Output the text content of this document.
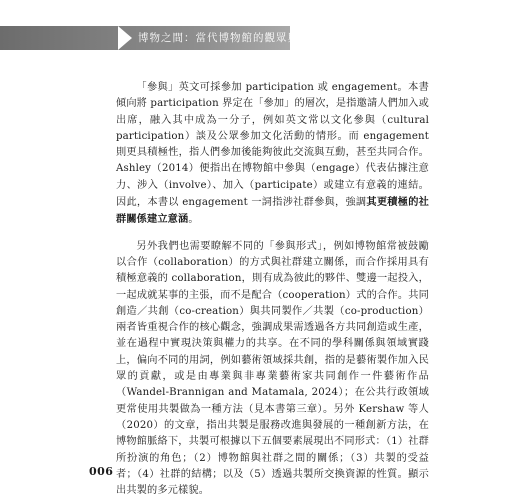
博物之間：當代博物館的觀眾與社群參與

「參與」英文可採參加 participation 或 engagement。本書傾向將 participation 界定在「參加」的層次，是指邀請人們加入或出席，融入其中成為一分子，例如英文常以文化參與（cultural participation）談及公眾參加文化活動的情形。而 engagement 則更具積極性，指人們參加後能夠彼此交流與互動，甚至共同合作。Ashley（2014）便指出在博物館中參與（engage）代表佔據注意力、涉入（involve）、加入（participate）或建立有意義的連結。因此，本書以 engagement 一詞指涉社群參與，強調其更積極的社群關係建立意涵。

另外我們也需要瞭解不同的「參與形式」，例如博物館常被鼓勵以合作（collaboration）的方式與社群建立關係，而合作採用具有積極意義的 collaboration，則有成為彼此的夥伴、雙邊一起投入，一起成就某事的主張，而不是配合（cooperation）式的合作。共同創造／共創（co-creation）與共同製作／共製（co-production）兩者皆重視合作的核心觀念，強調成果需透過各方共同創造或生產，並在過程中實現決策與權力的共享。在不同的學科關係與領域實踐上，偏向不同的用詞，例如藝術領域採共創，指的是藝術製作加入民眾的貢獻，或是由專業與非專業藝術家共同創作一件藝術作品（Wandel-Brannigan and Matamala, 2024）；在公共行政領域更常使用共製做為一種方法（見本書第三章）。另外 Kershaw 等人（2020）的文章，指出共製是服務改進與發展的一種創新方法，在博物館脈絡下，共製可根據以下五個要素展現出不同形式：（1）社群所扮演的角色；（2）博物館與社群之間的關係；（3）共製的受益者；（4）社群的結構；以及（5）透過共製所交換資源的性質。顯示出共製的多元樣貌。

006
